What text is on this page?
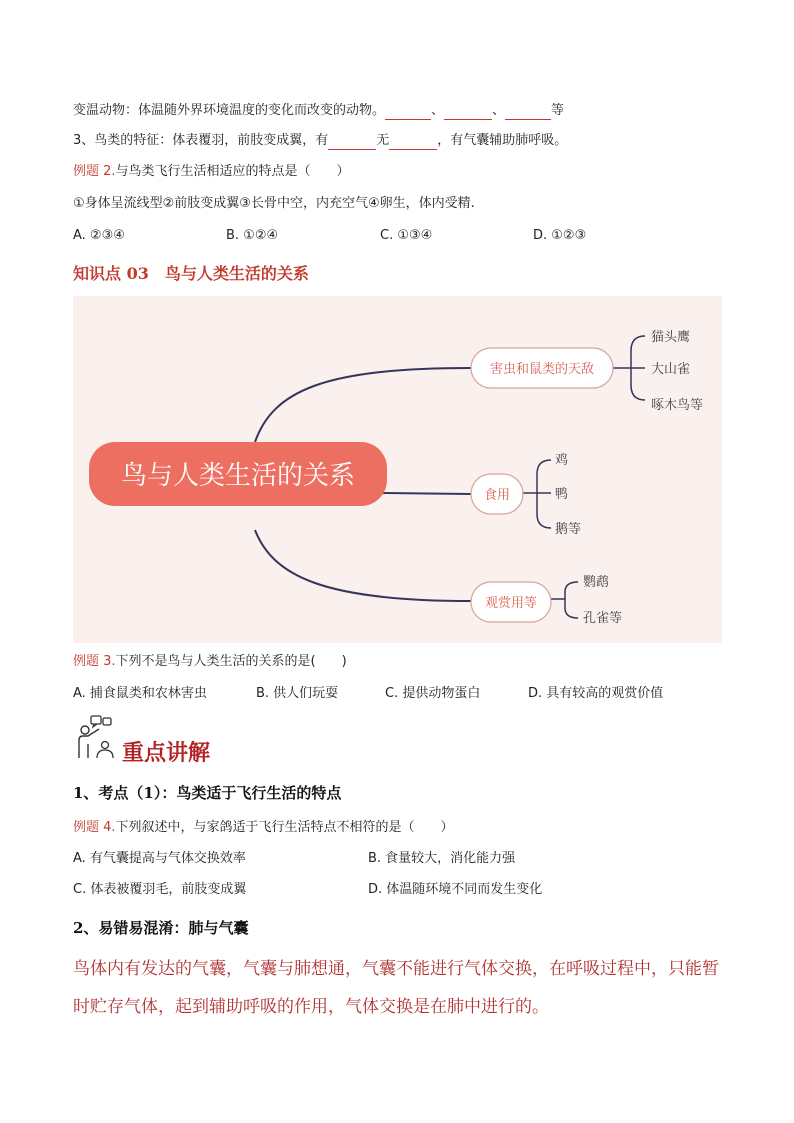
变温动物：体温随外界环境温度的变化而改变的动物。	、	、	等
3、鸟类的特征：体表覆羽，前肢变成翼，有	无	，有气囊辅助肺呼吸。
例题 2.与鸟类飞行生活相适应的特点是（　　）
①身体呈流线型②前肢变成翼③长骨中空，内充空气④卵生，体内受精.
A. ②③④	B. ①②④	C. ①③④	D. ①②③
知识点 03　鸟与人类生活的关系
鸟与人类生活的关系
害虫和鼠类的天敌
食用
观赏用等
猫头鹰
大山雀
啄木鸟等
鸡
鸭
鹅等
鹦鹉
孔雀等
例题 3.下列不是鸟与人类生活的关系的是(　　)
A. 捕食鼠类和农林害虫	B. 供人们玩耍	C. 提供动物蛋白	D. 具有较高的观赏价值
重点讲解
1、考点（1）：鸟类适于飞行生活的特点
例题 4.下列叙述中，与家鸽适于飞行生活特点不相符的是（　　）
A. 有气囊提高与气体交换效率	B. 食量较大，消化能力强
C. 体表被覆羽毛，前肢变成翼	D. 体温随环境不同而发生变化
2、易错易混淆：肺与气囊
鸟体内有发达的气囊，气囊与肺想通，气囊不能进行气体交换，在呼吸过程中，只能暂时贮存气体，起到辅助呼吸的作用，气体交换是在肺中进行的。
